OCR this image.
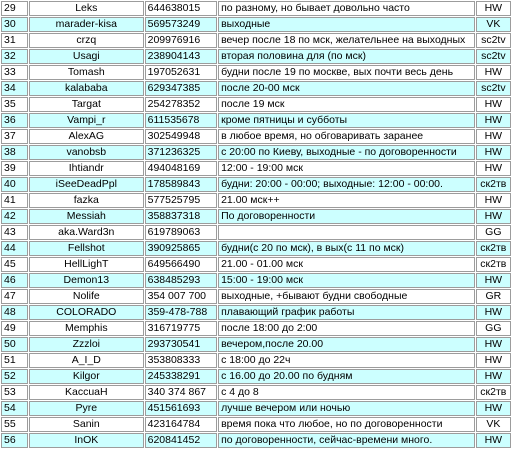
29	Leks	644638015	по разному, но бывает довольно часто	HW
30	marader-kisa	569573249	выходные	VK
31	crzq	209976916	вечер после 18 по мск, желательнее на выходных	sc2tv
32	Usagi	238904143	вторая половина для (по мск)	sc2tv
33	Tomash	197052631	будни после 19 по москве, вых почти весь день	HW
34	kalababa	629347385	после 20-00 мск	sc2tv
35	Targat	254278352	после 19 мск	HW
36	Vampi_r	611535678	кроме пятницы и субботы	HW
37	AlexAG	302549948	в любое время, но обговаривать заранее	HW
38	vanobsb	371236325	с 20:00 по Киеву, выходные - по договоренности	HW
39	Ihtiandr	494048169	12:00 - 19:00 мск	HW
40	iSeeDeadPpl	178589843	будни: 20:00 - 00:00; выходные: 12:00 - 00:00.	ск2тв
41	fazka	577525795	21.00 мск++	HW
42	Messiah	358837318	По договоренности	HW
43	aka.Ward3n	619789063		GG
44	Fellshot	390925865	будни(с 20 по мск), в вых(с 11 по мск)	ск2тв
45	HellLighT	649566490	21.00 - 01.00 мск	ск2тв
46	Demon13	638485293	15:00 - 19:00 мск	HW
47	Nolife	354 007 700	выходные, +бывают будни свободные	GR
48	COLORADO	359-478-788	плавающий график работы	HW
49	Memphis	316719775	после 18:00 до 2:00	GG
50	Zzzloi	293730541	вечером,после 20.00	HW
51	A_I_D	353808333	с 18:00 до 22ч	HW
52	Kilgor	245338291	с 16.00 до 20.00 по будням	HW
53	KaccuaH	340 374 867	с 4 до 8	ск2тв
54	Pyre	451561693	лучше вечером или ночью	HW
55	Sanin	423164784	время пока что любое, но по договоренности	VK
56	InOK	620841452	по договоренности, сейчас-времени много.	HW
